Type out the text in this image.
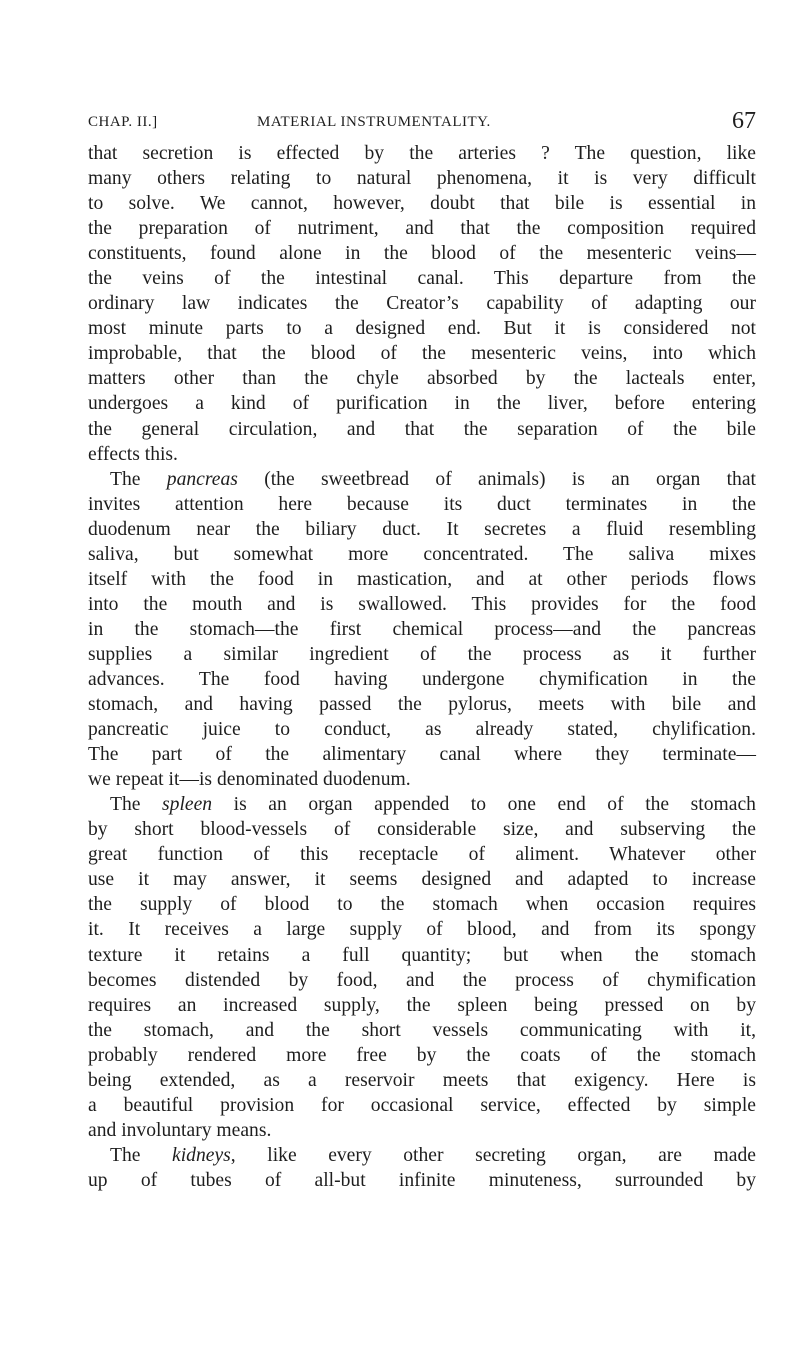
CHAP. II.]	MATERIAL INSTRUMENTALITY.	67
that secretion is effected by the arteries ? The question, like
many others relating to natural phenomena, it is very difficult
to solve. We cannot, however, doubt that bile is essential in
the preparation of nutriment, and that the composition required
constituents, found alone in the blood of the mesenteric veins—
the veins of the intestinal canal. This departure from the
ordinary law indicates the Creator’s capability of adapting our
most minute parts to a designed end. But it is considered not
improbable, that the blood of the mesenteric veins, into which
matters other than the chyle absorbed by the lacteals enter,
undergoes a kind of purification in the liver, before entering
the general circulation, and that the separation of the bile
effects this.
The pancreas (the sweetbread of animals) is an organ that
invites attention here because its duct terminates in the
duodenum near the biliary duct. It secretes a fluid resembling
saliva, but somewhat more concentrated. The saliva mixes
itself with the food in mastication, and at other periods flows
into the mouth and is swallowed. This provides for the food
in the stomach—the first chemical process—and the pancreas
supplies a similar ingredient of the process as it further
advances. The food having undergone chymification in the
stomach, and having passed the pylorus, meets with bile and
pancreatic juice to conduct, as already stated, chylification.
The part of the alimentary canal where they terminate—
we repeat it—is denominated duodenum.
The spleen is an organ appended to one end of the stomach
by short blood-vessels of considerable size, and subserving the
great function of this receptacle of aliment. Whatever other
use it may answer, it seems designed and adapted to increase
the supply of blood to the stomach when occasion requires
it. It receives a large supply of blood, and from its spongy
texture it retains a full quantity; but when the stomach
becomes distended by food, and the process of chymification
requires an increased supply, the spleen being pressed on by
the stomach, and the short vessels communicating with it,
probably rendered more free by the coats of the stomach
being extended, as a reservoir meets that exigency. Here is
a beautiful provision for occasional service, effected by simple
and involuntary means.
The kidneys, like every other secreting organ, are made
up of tubes of all-but infinite minuteness, surrounded by
